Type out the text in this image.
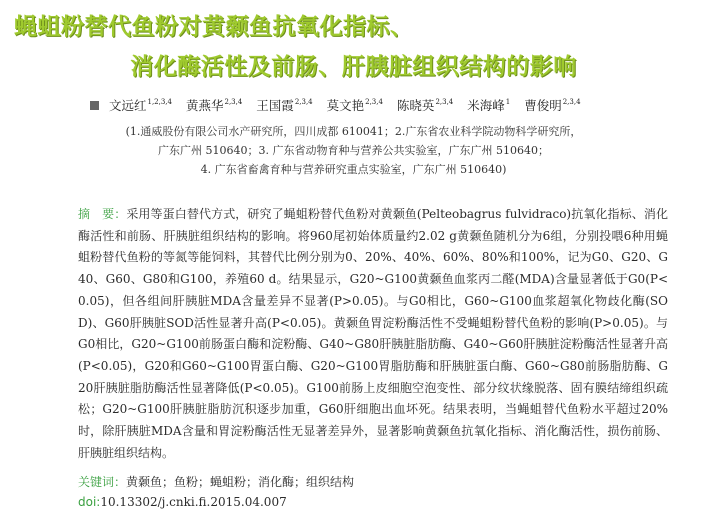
蝇蛆粉替代鱼粉对黄颡鱼抗氧化指标、
消化酶活性及前肠、肝胰脏组织结构的影响
文远红$^{1,2,3,4}$ 黄燕华$^{2,3,4}$ 王国霞$^{2,3,4}$ 莫文艳$^{2,3,4}$ 陈晓英$^{2,3,4}$ 米海峰$^1$ 曹俊明$^{2,3,4}$
(1.通威股份有限公司水产研究所，四川成都 610041；2.广东省农业科学院动物科学研究所，
广东广州 510640；3. 广东省动物育种与营养公共实验室，广东广州 510640；
4. 广东省畜禽育种与营养研究重点实验室，广东广州 510640)
摘 要：采用等蛋白替代方式，研究了蝇蛆粉替代鱼粉对黄颡鱼(Pelteobagrus fulvidraco)抗氧化指标、消化酶活性和前肠、肝胰脏组织结构的影响。将960尾初始体质量约2.02 g黄颡鱼随机分为6组，分别投喂6种用蝇蛆粉替代鱼粉的等氮等能饲料，其替代比例分别为0、20%、40%、60%、80%和100%，记为G0、G20、G40、G60、G80和G100，养殖60 d。结果显示，G20~G100黄颡鱼血浆丙二醛(MDA)含量显著低于G0(P<0.05)，但各组间肝胰脏MDA含量差异不显著(P>0.05)。与G0相比，G60~G100血浆超氧化物歧化酶(SOD)、G60肝胰脏SOD活性显著升高(P<0.05)。黄颡鱼胃淀粉酶活性不受蝇蛆粉替代鱼粉的影响(P>0.05)。与G0相比，G20~G100前肠蛋白酶和淀粉酶、G40~G80肝胰脏脂肪酶、G40~G60肝胰脏淀粉酶活性显著升高(P<0.05)，G20和G60~G100胃蛋白酶、G20~G100胃脂肪酶和肝胰脏蛋白酶、G60~G80前肠脂肪酶、G20肝胰脏脂肪酶活性显著降低(P<0.05)。G100前肠上皮细胞空泡变性、部分纹状缘脱落、固有膜结缔组织疏松；G20~G100肝胰脏脂肪沉积逐步加重，G60肝细胞出血坏死。结果表明，当蝇蛆替代鱼粉水平超过20%时，除肝胰脏MDA含量和胃淀粉酶活性无显著差异外，显著影响黄颡鱼抗氧化指标、消化酶活性，损伤前肠、肝胰脏组织结构。
关键词：黄颡鱼；鱼粉；蝇蛆粉；消化酶；组织结构
doi:10.13302/j.cnki.fi.2015.04.007
